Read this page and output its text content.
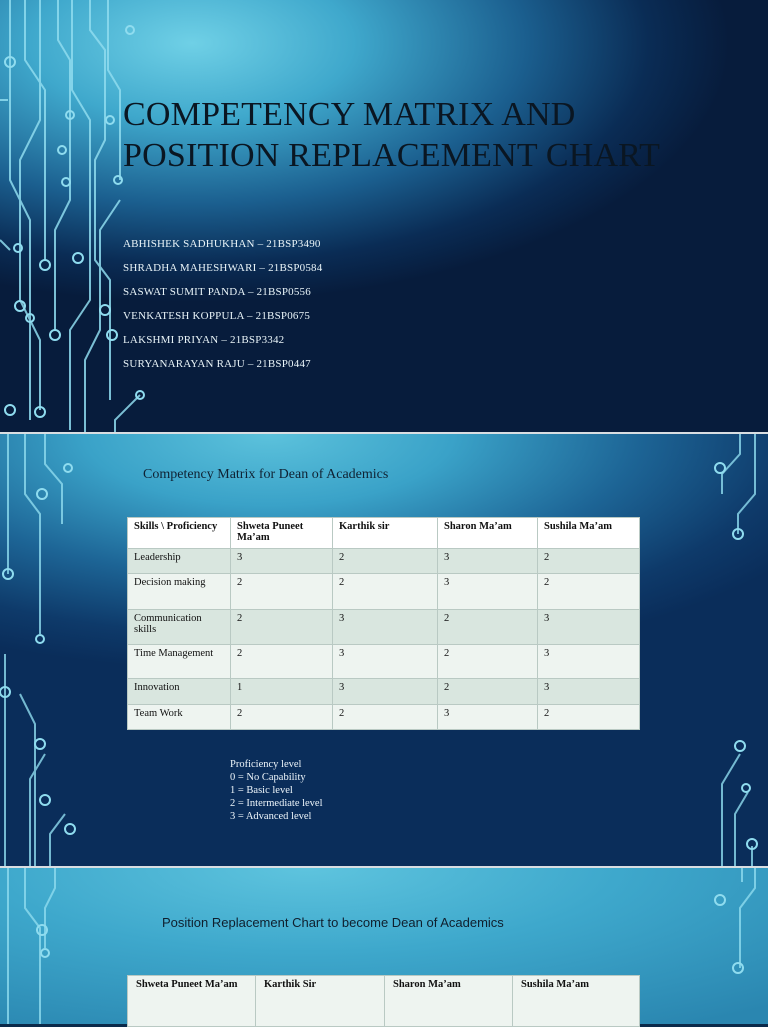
COMPETENCY MATRIX AND POSITION REPLACEMENT CHART
ABHISHEK SADHUKHAN – 21BSP3490
SHRADHA MAHESHWARI – 21BSP0584
SASWAT SUMIT PANDA – 21BSP0556
VENKATESH KOPPULA – 21BSP0675
LAKSHMI PRIYAN – 21BSP3342
SURYANARAYAN RAJU – 21BSP0447
Competency Matrix for Dean of Academics
Skills \ Proficiency	Shweta Puneet Ma’am	Karthik sir	Sharon Ma’am	Sushila Ma’am
Leadership	3	2	3	2
Decision making	2	2	3	2
Communication skills	2	3	2	3
Time Management	2	3	2	3
Innovation	1	3	2	3
Team Work	2	2	3	2
Proficiency level
0 = No Capability
1 = Basic level
2 = Intermediate level
3 = Advanced level
Position Replacement Chart to become Dean of Academics
Shweta Puneet Ma’am	Karthik Sir	Sharon Ma’am	Sushila Ma’am
